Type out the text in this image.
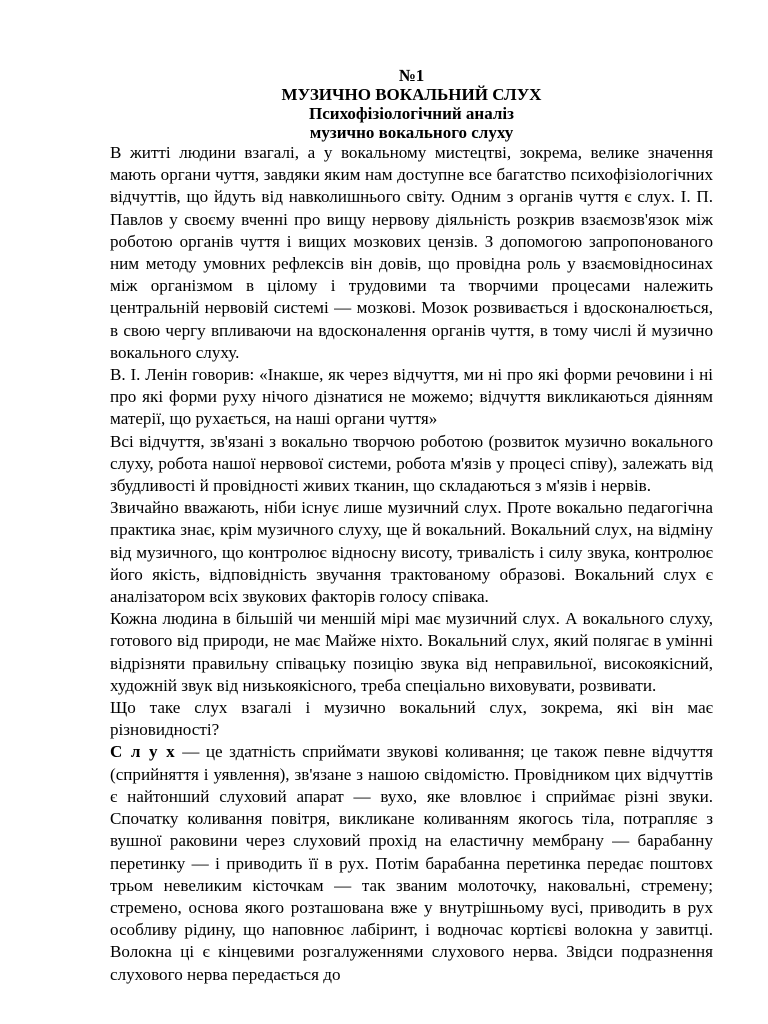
№1
МУЗИЧНО ВОКАЛЬНИЙ СЛУХ
Психофізіологічний аналіз
музично вокального слуху

В житті людини взагалі, а у вокальному мистецтві, зокрема, велике значення мають органи чуття, завдяки яким нам доступне все багатство психофізіологічних відчуттів, що йдуть від навколишнього світу. Одним з органів чуття є слух. І. П. Павлов у своєму вченні про вищу нервову діяльність розкрив взаємозв'язок між роботою органів чуття і вищих мозкових цензів. З допомогою запропонованого ним методу умовних рефлексів він довів, що провідна роль у взаємовідносинах між організмом в цілому і трудовими та творчими процесами належить центральній нервовій системі — мозкові. Мозок розвивається і вдосконалюється, в свою чергу впливаючи на вдосконалення органів чуття, в тому числі й музично вокального слуху.

В. І. Ленін говорив: «Інакше, як через відчуття, ми ні про які форми речовини і ні про які форми руху нічого дізнатися не можемо; відчуття викликаються діянням матерії, що рухається, на наші органи чуття»

Всі відчуття, зв'язані з вокально творчою роботою (розвиток музично вокального слуху, робота нашої нервової системи, робота м'язів у процесі співу), залежать від збудливості й провідності живих тканин, що складаються з м'язів і нервів.

Звичайно вважають, ніби існує лише музичний слух. Проте вокально педагогічна практика знає, крім музичного слуху, ще й вокальний. Вокальний слух, на відміну від музичного, що контролює відносну висоту, тривалість і силу звука, контролює його якість, відповідність звучання трактованому образові. Вокальний слух є аналізатором всіх звукових факторів голосу співака.

Кожна людина в більшій чи меншій мірі має музичний слух. А вокального слуху, готового від природи, не має Майже ніхто. Вокальний слух, який полягає в умінні відрізняти правильну співацьку позицію звука від неправильної, високоякісний, художній звук від низькоякісного, треба спеціально виховувати, розвивати.

Що таке слух взагалі і музично вокальний слух, зокрема, які він має різновидності?

С л у х — це здатність сприймати звукові коливання; це також певне відчуття (сприйняття і уявлення), зв'язане з нашою свідомістю. Провідником цих відчуттів є найтонший слуховий апарат — вухо, яке вловлює і сприймає різні звуки. Спочатку коливання повітря, викликане коливанням якогось тіла, потрапляє з вушної раковини через слуховий прохід на еластичну мембрану — барабанну перетинку — і приводить її в рух. Потім барабанна перетинка передає поштовх трьом невеликим кісточкам — так званим молоточку, наковальні, стремену; стремено, основа якого розташована вже у внутрішньому вусі, приводить в рух особливу рідину, що наповнює лабіринт, і водночас кортієві волокна у завитці. Волокна ці є кінцевими розгалуженнями слухового нерва. Звідси подразнення слухового нерва передається до
